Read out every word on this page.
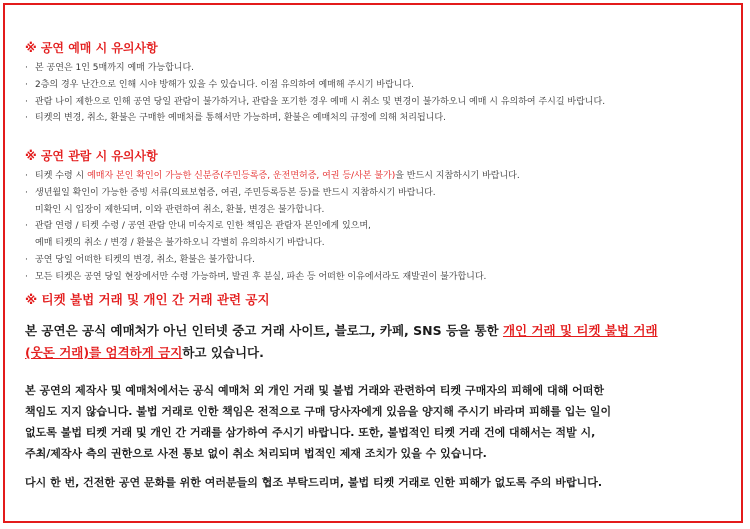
※ 공연 예매 시 유의사항
· 본 공연은 1인 5매까지 예매 가능합니다.
· 2층의 경우 난간으로 인해 시야 방해가 있을 수 있습니다. 이점 유의하여 예매해 주시기 바랍니다.
· 관람 나이 제한으로 인해 공연 당일 관람이 불가하거나, 관람을 포기한 경우 예매 시 취소 및 변경이 불가하오니 예매 시 유의하여 주시길 바랍니다.
· 티켓의 변경, 취소, 환불은 구매한 예매처를 통해서만 가능하며, 환불은 예매처의 규정에 의해 처리됩니다.
※ 공연 관람 시 유의사항
· 티켓 수령 시 예매자 본인 확인이 가능한 신분증(주민등록증, 운전면허증, 여권 등/사본 불가)을 반드시 지참하시기 바랍니다.
· 생년월일 확인이 가능한 증빙 서류(의료보험증, 여권, 주민등록등본 등)를 반드시 지참하시기 바랍니다.
미확인 시 입장이 제한되며, 이와 관련하여 취소, 환불, 변경은 불가합니다.
· 관람 연령 / 티켓 수령 / 공연 관람 안내 미숙지로 인한 책임은 관람자 본인에게 있으며,
예매 티켓의 취소 / 변경 / 환불은 불가하오니 각별히 유의하시기 바랍니다.
· 공연 당일 어떠한 티켓의 변경, 취소, 환불은 불가합니다.
· 모든 티켓은 공연 당일 현장에서만 수령 가능하며, 발권 후 분실, 파손 등 어떠한 이유에서라도 재발권이 불가합니다.
※ 티켓 불법 거래 및 개인 간 거래 관련 공지

본 공연은 공식 예매처가 아닌 인터넷 중고 거래 사이트, 블로그, 카페, SNS 등을 통한 개인 거래 및 티켓 불법 거래
(웃돈 거래)를 엄격하게 금지하고 있습니다.

본 공연의 제작사 및 예매처에서는 공식 예매처 외 개인 거래 및 불법 거래와 관련하여 티켓 구매자의 피해에 대해 어떠한

책임도 지지 않습니다. 불법 거래로 인한 책임은 전적으로 구매 당사자에게 있음을 양지해 주시기 바라며 피해를 입는 일이

없도록 불법 티켓 거래 및 개인 간 거래를 삼가하여 주시기 바랍니다. 또한, 불법적인 티켓 거래 건에 대해서는 적발 시,

주최/제작사 측의 권한으로 사전 통보 없이 취소 처리되며 법적인 제재 조치가 있을 수 있습니다.

다시 한 번, 건전한 공연 문화를 위한 여러분들의 협조 부탁드리며, 불법 티켓 거래로 인한 피해가 없도록 주의 바랍니다.
